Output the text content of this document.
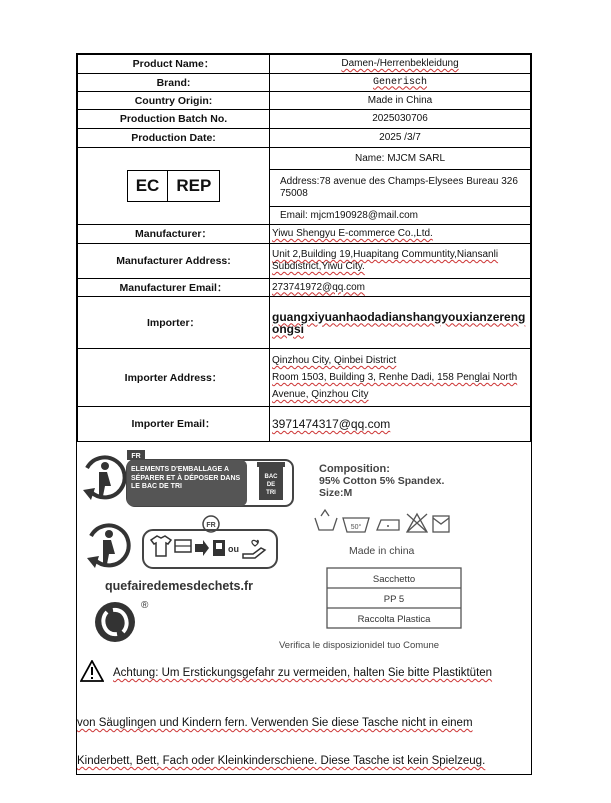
Product Name：	Damen-/Herrenbekleidung
Brand:	Generisch
Country Origin:	Made in China
Production Batch No.	2025030706
Production Date:	2025 /3/7

EC REP	Name: MJCM SARL
	Address:78 avenue des Champs-Elysees Bureau 326 75008
	Email: mjcm190928@mail.com
Manufacturer：	Yiwu Shengyu E-commerce Co.,Ltd.
Manufacturer Address:	Unit 2,Building 19,Huapitang Communtity,Niansanli Subdistrict,Yiwu City.
Manufacturer Email：	273741972@qq.com
Importer：	guangxiyuanhaodadianshangyouxianzerengongsi
Importer Address：	Qinzhou City, Qinbei District
Room 1503, Building 3, Renhe Dadi, 158 Penglai North Avenue, Qinzhou City

Importer Email：	3971474317@qq.com
FR
ÉLÉMENTS D'EMBALLAGE À SÉPARER ET À DÉPOSER DANS LE BAC DE TRI
BAC
DE
TRI
FR
ou
quefairedemesdechets.fr
®
Composition:
95% Cotton 5% Spandex.
Size:M
50°
Made in china
Sacchetto
PP 5
Raccolta Plastica
Verifica le disposizionidel tuo Comune
Achtung: Um Erstickungsgefahr zu vermeiden, halten Sie bitte Plastiktüten
von Säuglingen und Kindern fern. Verwenden Sie diese Tasche nicht in einem
Kinderbett, Bett, Fach oder Kleinkinderschiene. Diese Tasche ist kein Spielzeug.
